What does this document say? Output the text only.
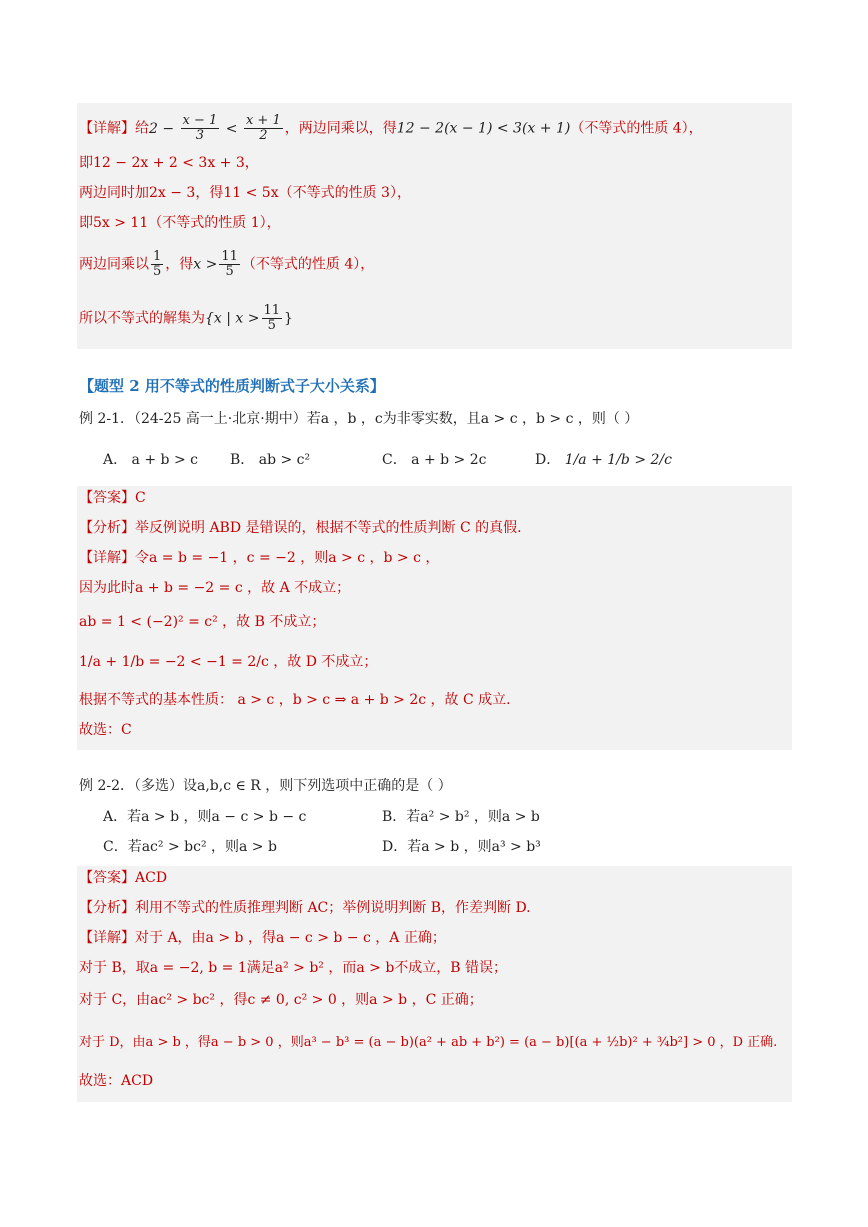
【详解】给$2 - \frac{x - 1}{3} < \frac{x + 1}{2}$ ，两边同乘以，得12 − 2(x − 1) < 3(x + 1)（不等式的性质 4），
即12 − 2x + 2 < 3x + 3，
两边同时加2x − 3，得11 < 5x（不等式的性质 3），
即5x > 11（不等式的性质 1），
两边同乘以 $\frac{1}{5}$ ，得$x > \frac{11}{5}$ （不等式的性质 4），
所以不等式的解集为{x | $x > \frac{11}{5}$ }
【题型 2 用不等式的性质判断式子大小关系】
例 2-1．（24-25 高一上·北京·期中）若a ，b ，c为非零实数，且a > c ，b > c ，则（ ）
A． a + b > c B． ab > c²	C． a + b > 2c	D． 1/a + 1/b > 2/c
【答案】C
【分析】举反例说明 ABD 是错误的，根据不等式的性质判断 C 的真假.
【详解】令a = b = −1 ，c = −2 ，则a > c ，b > c ，
因为此时a + b = −2 = c ，故 A 不成立；
ab = 1 < (−2)² = c² ，故 B 不成立；
1/a + 1/b = −2 < −1 = 2/c ，故 D 不成立；
根据不等式的基本性质： a > c ，b > c ⇒ a + b > 2c ，故 C 成立.
故选：C
例 2-2．（多选）设a,b,c ∈ R ，则下列选项中正确的是（ ）
A．若a > b ，则a − c > b − c	B．若a² > b² ，则a > b
C．若ac² > bc² ，则a > b	D．若a > b ，则a³ > b³
【答案】ACD
【分析】利用不等式的性质推理判断 AC；举例说明判断 B，作差判断 D.
【详解】对于 A，由a > b ，得a − c > b − c ，A 正确；
对于 B，取a = −2, b = 1满足a² > b² ，而a > b不成立，B 错误；
对于 C，由ac² > bc² ，得c ≠ 0, c² > 0 ，则a > b ，C 正确；
对于 D，由a > b ，得a − b > 0 ，则a³ − b³ = (a − b)(a² + ab + b²) = (a − b)[(a + ½b)² + ¾b²] > 0 ，D 正确.
故选：ACD
